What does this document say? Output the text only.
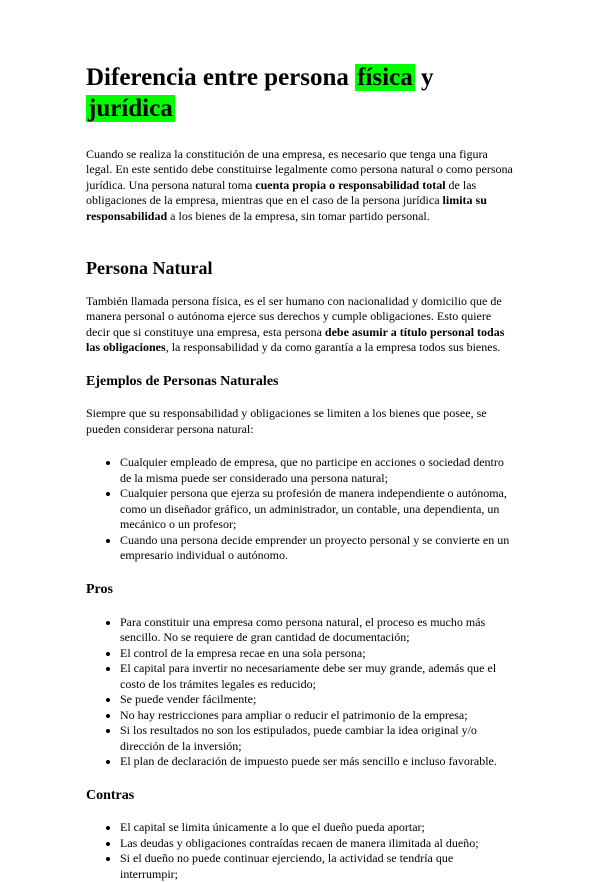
Diferencia entre persona física y jurídica

Cuando se realiza la constitución de una empresa, es necesario que tenga una figura legal. En este sentido debe constituirse legalmente como persona natural o como persona jurídica. Una persona natural toma cuenta propia o responsabilidad total de las obligaciones de la empresa, mientras que en el caso de la persona jurídica limita su responsabilidad a los bienes de la empresa, sin tomar partido personal.

Persona Natural

También llamada persona física, es el ser humano con nacionalidad y domicilio que de manera personal o autónoma ejerce sus derechos y cumple obligaciones. Esto quiere decir que si constituye una empresa, esta persona debe asumir a título personal todas las obligaciones, la responsabilidad y da como garantía a la empresa todos sus bienes.

Ejemplos de Personas Naturales

Siempre que su responsabilidad y obligaciones se limiten a los bienes que posee, se pueden considerar persona natural:

• Cualquier empleado de empresa, que no participe en acciones o sociedad dentro de la misma puede ser considerado una persona natural;
• Cualquier persona que ejerza su profesión de manera independiente o autónoma, como un diseñador gráfico, un administrador, un contable, una dependienta, un mecánico o un profesor;
• Cuando una persona decide emprender un proyecto personal y se convierte en un empresario individual o autónomo.
Pros
• Para constituir una empresa como persona natural, el proceso es mucho más sencillo. No se requiere de gran cantidad de documentación;
• El control de la empresa recae en una sola persona;
• El capital para invertir no necesariamente debe ser muy grande, además que el costo de los trámites legales es reducido;
• Se puede vender fácilmente;
• No hay restricciones para ampliar o reducir el patrimonio de la empresa;
• Si los resultados no son los estipulados, puede cambiar la idea original y/o dirección de la inversión;
• El plan de declaración de impuesto puede ser más sencillo e incluso favorable.
Contras
• El capital se limita únicamente a lo que el dueño pueda aportar;
• Las deudas y obligaciones contraídas recaen de manera ilimitada al dueño;
• Si el dueño no puede continuar ejerciendo, la actividad se tendría que interrumpir;
